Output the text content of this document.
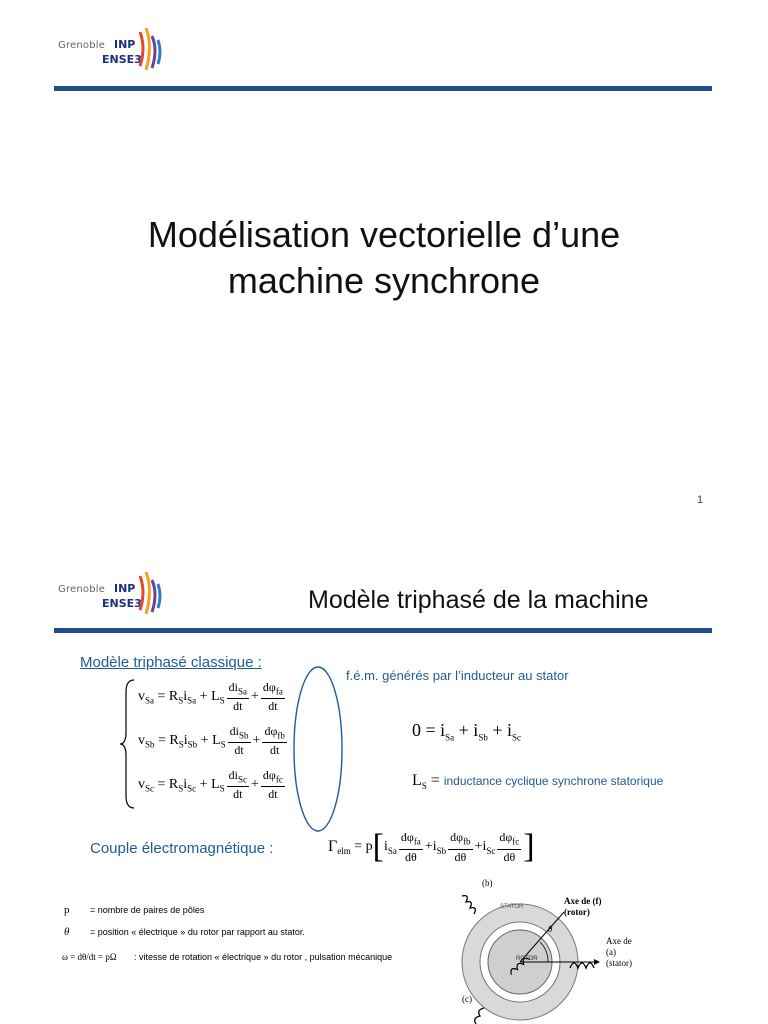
Grenoble INP
ENSE3
Modélisation vectorielle d’une
machine synchrone
1
Grenoble INP
ENSE3	Modèle triphasé de la machine
Modèle triphasé classique :
f.é.m. générés par l’inducteur au stator
$v_{Sa} = R_Si_{Sa} + L_S \frac{di_{Sa}}{dt} + \frac{d\varphi_{fa}}{dt}$
$v_{Sb} = R_Si_{Sb} + L_S \frac{di_{Sb}}{dt} + \frac{d\varphi_{fb}}{dt}$
$v_{Sc} = R_Si_{Sc} + L_S \frac{di_{Sc}}{dt} + \frac{d\varphi_{fc}}{dt}$
$0 = i_{Sa} + i_{Sb} + i_{Sc}$
$L_S$ = inductance cyclique synchrone statorique
Couple électromagnétique :	$\Gamma_{elm} = p[i_{Sa} \frac{d\varphi_{fa}}{d\theta} +i_{Sb} \frac{d\varphi_{fb}}{d\theta} +i_{Sc} \frac{d\varphi_{fc}}{d\theta}$ ]
p = nombre de paires de pôles
θ = position « électrique » du rotor par rapport au stator.
ω = dθ/dt = pΩ : vitesse de rotation « électrique » du rotor , pulsation mécanique
(b)
(c)
STATOR
ROTOR
Axe de (f)
(rotor)
θ
Axe de
(a)
(stator)
